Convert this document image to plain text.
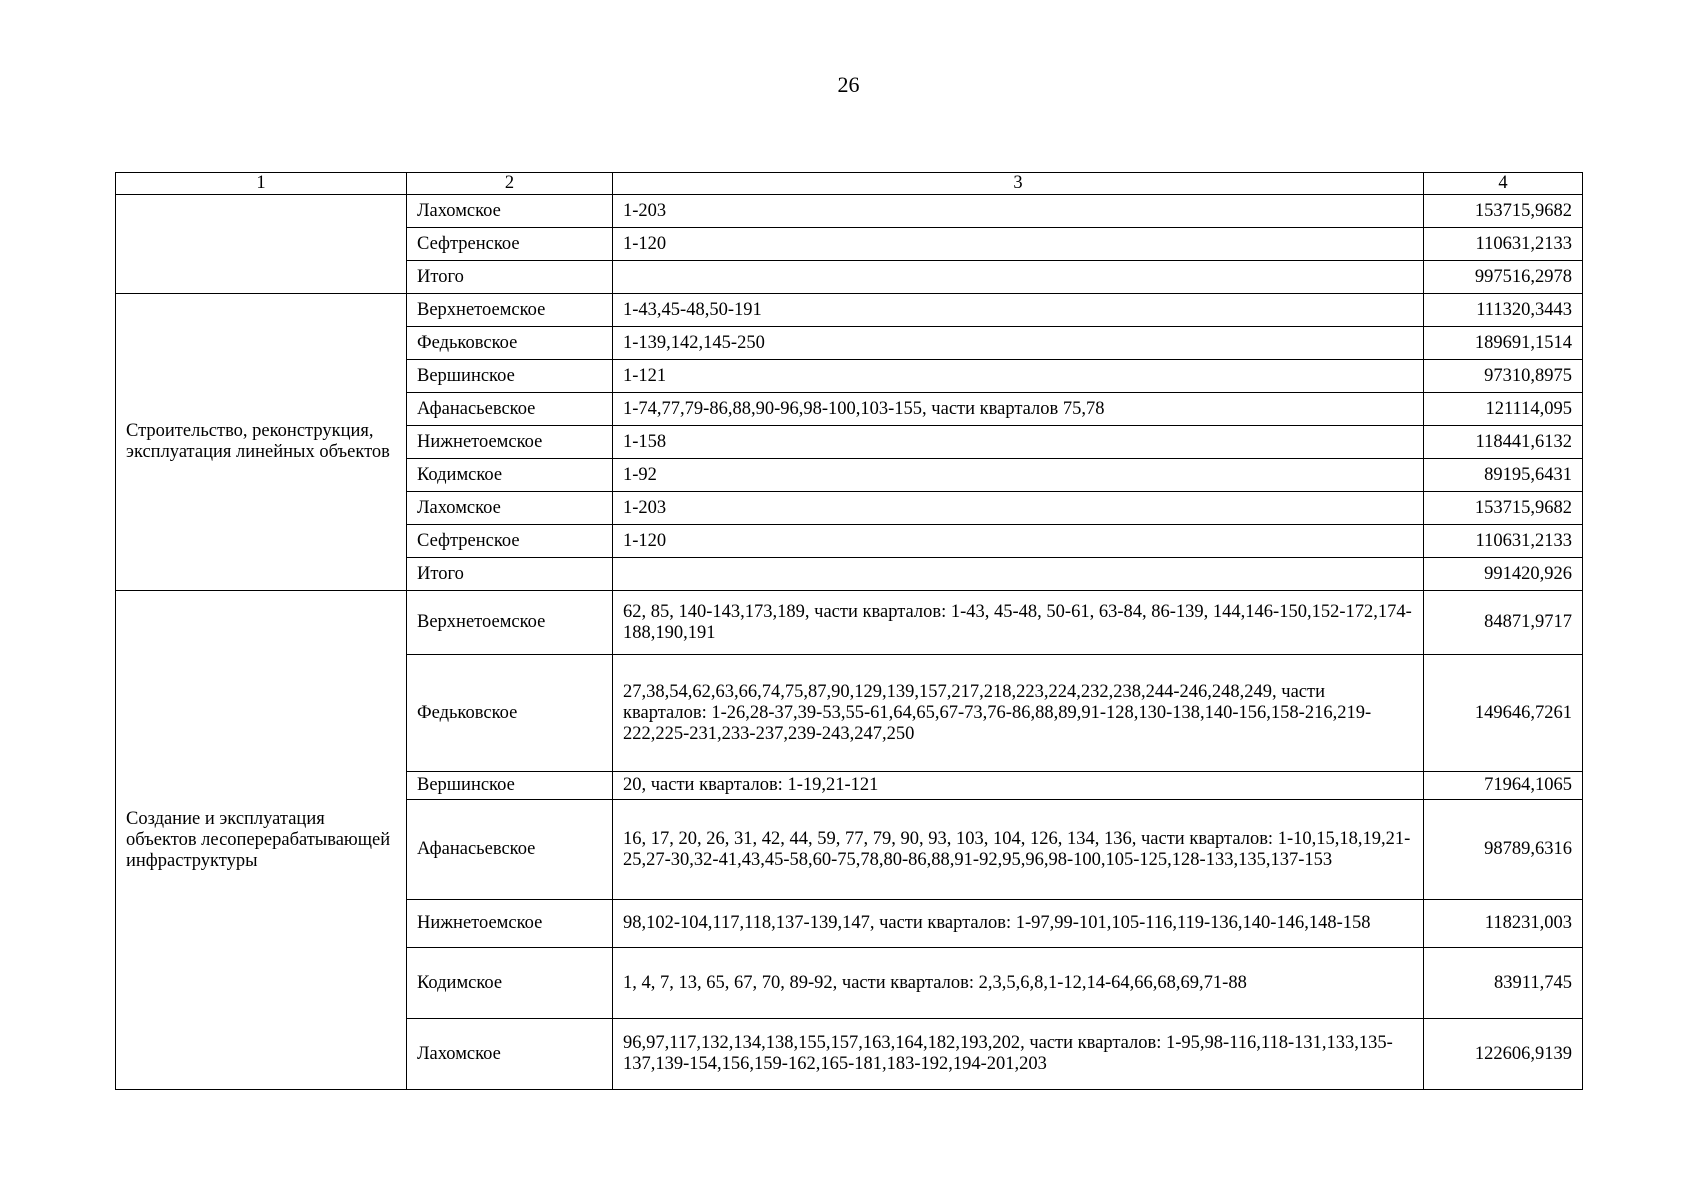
26
1	2	3	4
	Лахомское	1-203	153715,9682
	Сефтренское	1-120	110631,2133
	Итого		997516,2978
Строительство, реконструкция, эксплуатация линейных объектов	Верхнетоемское	1-43,45-48,50-191	111320,3443
	Федьковское	1-139,142,145-250	189691,1514
	Вершинское	1-121	97310,8975
	Афанасьевское	1-74,77,79-86,88,90-96,98-100,103-155, части кварталов 75,78	121114,095
	Нижнетоемское	1-158	118441,6132
	Кодимское	1-92	89195,6431
	Лахомское	1-203	153715,9682
	Сефтренское	1-120	110631,2133
	Итого		991420,926
Создание и эксплуатация объектов лесоперерабатывающей инфраструктуры	Верхнетоемское	62, 85, 140-143,173,189, части кварталов: 1-43, 45-48, 50-61, 63-84, 86-139, 144,146-150,152-172,174-188,190,191	84871,9717
	Федьковское	27,38,54,62,63,66,74,75,87,90,129,139,157,217,218,223,224,232,238,244-246,248,249, части кварталов: 1-26,28-37,39-53,55-61,64,65,67-73,76-86,88,89,91-128,130-138,140-156,158-216,219-222,225-231,233-237,239-243,247,250	149646,7261
	Вершинское	20, части кварталов: 1-19,21-121	71964,1065
	Афанасьевское	16, 17, 20, 26, 31, 42, 44, 59, 77, 79, 90, 93, 103, 104, 126, 134, 136, части кварталов: 1-10,15,18,19,21-25,27-30,32-41,43,45-58,60-75,78,80-86,88,91-92,95,96,98-100,105-125,128-133,135,137-153	98789,6316
	Нижнетоемское	98,102-104,117,118,137-139,147, части кварталов: 1-97,99-101,105-116,119-136,140-146,148-158	118231,003
	Кодимское	1, 4, 7, 13, 65, 67, 70, 89-92, части кварталов: 2,3,5,6,8,1-12,14-64,66,68,69,71-88	83911,745
	Лахомское	96,97,117,132,134,138,155,157,163,164,182,193,202, части кварталов: 1-95,98-116,118-131,133,135-137,139-154,156,159-162,165-181,183-192,194-201,203	122606,9139
